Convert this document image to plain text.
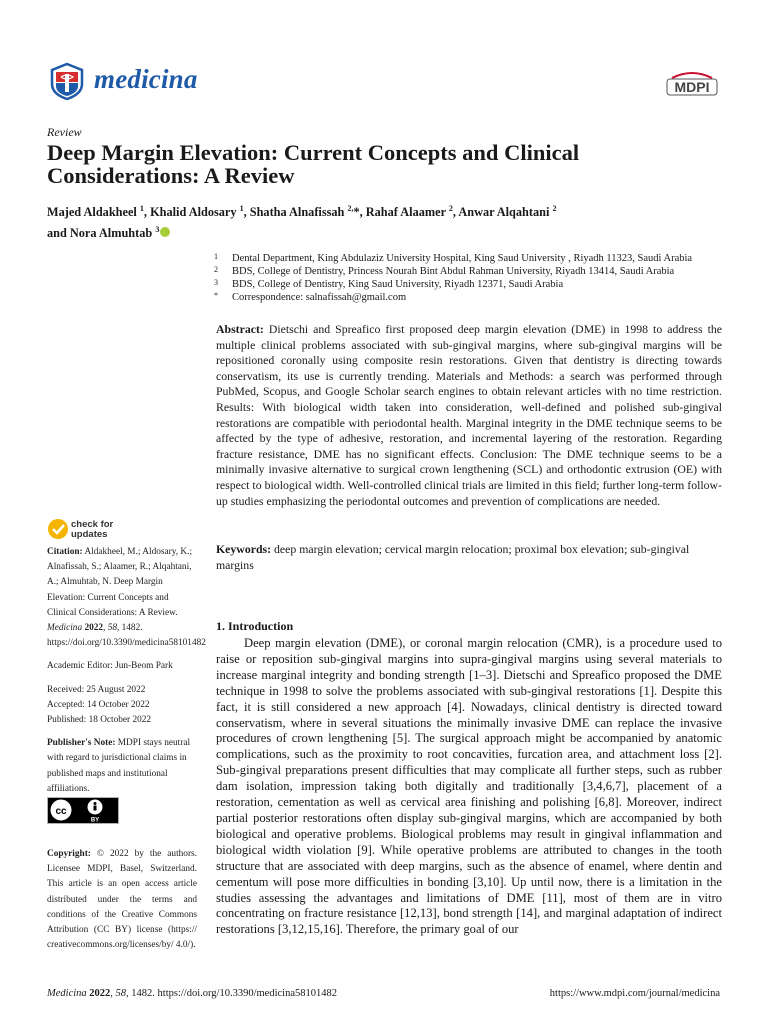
medicina	MDPI
Review
Deep Margin Elevation: Current Concepts and Clinical Considerations: A Review
Majed Aldakheel $^1$, Khalid Aldosary $^1$, Shatha Alnafissah $^{2,}$*, Rahaf Alaamer $^2$, Anwar Alqahtani $^2$
and Nora Almuhtab $^3$
1 Dental Department, King Abdulaziz University Hospital, King Saud University , Riyadh 11323, Saudi Arabia
2 BDS, College of Dentistry, Princess Nourah Bint Abdul Rahman University, Riyadh 13414, Saudi Arabia
3 BDS, College of Dentistry, King Saud University, Riyadh 12371, Saudi Arabia
* Correspondence: salnafissah@gmail.com
Abstract: Dietschi and Spreafico first proposed deep margin elevation (DME) in 1998 to address the multiple clinical problems associated with sub-gingival margins, where sub-gingival margins will be repositioned coronally using composite resin restorations. Given that dentistry is directing towards conservatism, its use is currently trending. Materials and Methods: a search was performed through PubMed, Scopus, and Google Scholar search engines to obtain relevant articles with no time restriction. Results: With biological width taken into consideration, well-defined and polished sub-gingival restorations are compatible with periodontal health. Marginal integrity in the DME technique seems to be affected by the type of adhesive, restoration, and incremental layering of the restoration. Regarding fracture resistance, DME has no significant effects. Conclusion: The DME technique seems to be a minimally invasive alternative to surgical crown lengthening (SCL) and orthodontic extrusion (OE) with respect to biological width. Well-controlled clinical trials are limited in this field; further long-term follow-up studies emphasizing the periodontal outcomes and prevention of complications are needed.
Keywords: deep margin elevation; cervical margin relocation; proximal box elevation; sub-gingival margins
check for
updates

Citation: Aldakheel, M.; Aldosary, K.; Alnafissah, S.; Alaamer, R.; Alqahtani, A.; Almuhtab, N. Deep Margin Elevation: Current Concepts and Clinical Considerations: A Review. Medicina 2022, 58, 1482. https://doi.org/10.3390/medicina58101482

Academic Editor: Jun-Beom Park

Received: 25 August 2022

Accepted: 14 October 2022

Published: 18 October 2022

Publisher's Note: MDPI stays neutral with regard to jurisdictional claims in published maps and institutional affiliations.

Copyright: © 2022 by the authors. Licensee MDPI, Basel, Switzerland. This article is an open access article distributed under the terms and conditions of the Creative Commons Attribution (CC BY) license (https:// creativecommons.org/licenses/by/ 4.0/).

cc
BY
1. Introduction
Deep margin elevation (DME), or coronal margin relocation (CMR), is a procedure used to raise or reposition sub-gingival margins into supra-gingival margins using several materials to increase marginal integrity and bonding strength [1–3]. Dietschi and Spreafico proposed the DME technique in 1998 to solve the problems associated with sub-gingival restorations [1]. Despite this fact, it is still considered a new approach [4]. Nowadays, clinical dentistry is directed toward conservatism, where in several situations the minimally invasive DME can replace the invasive procedures of crown lengthening [5]. The surgical approach might be accompanied by anatomic complications, such as the proximity to root concavities, furcation area, and attachment loss [2]. Sub-gingival preparations present difficulties that may complicate all further steps, such as rubber dam isolation, impression taking both digitally and traditionally [3,4,6,7], placement of a restoration, cementation as well as cervical area finishing and polishing [6,8]. Moreover, indirect partial posterior restorations often display sub-gingival margins, which are accompanied by both biological and operative problems. Biological problems may result in gingival inflammation and biological width violation [9]. While operative problems are attributed to changes in the tooth structure that are associated with deep margins, such as the absence of enamel, where dentin and cementum will pose more difficulties in bonding [3,10]. Up until now, there is a limitation in the studies assessing the advantages and limitations of DME [11], most of them are in vitro concentrating on fracture resistance [12,13], bond strength [14], and marginal adaptation of indirect restorations [3,12,15,16]. Therefore, the primary goal of our
Medicina 2022, 58, 1482. https://doi.org/10.3390/medicina58101482	https://www.mdpi.com/journal/medicina
